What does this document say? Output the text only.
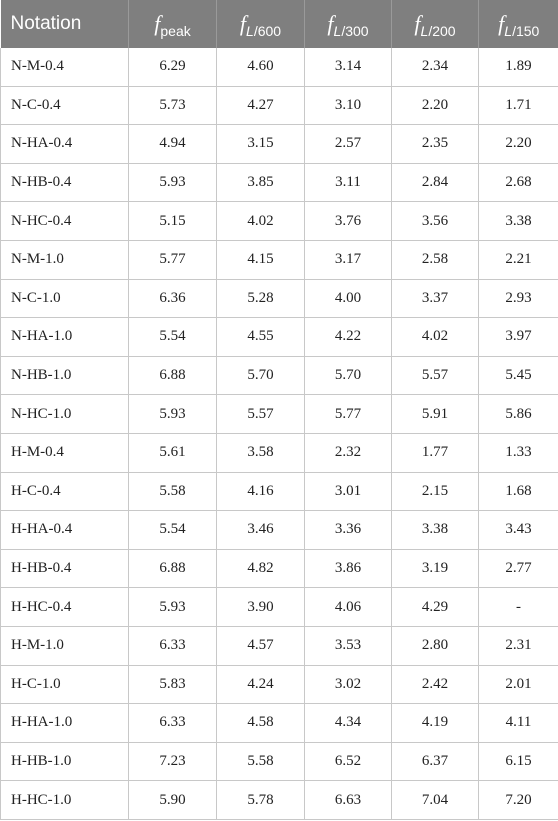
Notation	$f_{peak}$	$f_{L/600}$	$f_{L/300}$	$f_{L/200}$	$f_{L/150}$
N-M-0.4	6.29	4.60	3.14	2.34	1.89
N-C-0.4	5.73	4.27	3.10	2.20	1.71
N-HA-0.4	4.94	3.15	2.57	2.35	2.20
N-HB-0.4	5.93	3.85	3.11	2.84	2.68
N-HC-0.4	5.15	4.02	3.76	3.56	3.38
N-M-1.0	5.77	4.15	3.17	2.58	2.21
N-C-1.0	6.36	5.28	4.00	3.37	2.93
N-HA-1.0	5.54	4.55	4.22	4.02	3.97
N-HB-1.0	6.88	5.70	5.70	5.57	5.45
N-HC-1.0	5.93	5.57	5.77	5.91	5.86
H-M-0.4	5.61	3.58	2.32	1.77	1.33
H-C-0.4	5.58	4.16	3.01	2.15	1.68
H-HA-0.4	5.54	3.46	3.36	3.38	3.43
H-HB-0.4	6.88	4.82	3.86	3.19	2.77
H-HC-0.4	5.93	3.90	4.06	4.29	-
H-M-1.0	6.33	4.57	3.53	2.80	2.31
H-C-1.0	5.83	4.24	3.02	2.42	2.01
H-HA-1.0	6.33	4.58	4.34	4.19	4.11
H-HB-1.0	7.23	5.58	6.52	6.37	6.15
H-HC-1.0	5.90	5.78	6.63	7.04	7.20
